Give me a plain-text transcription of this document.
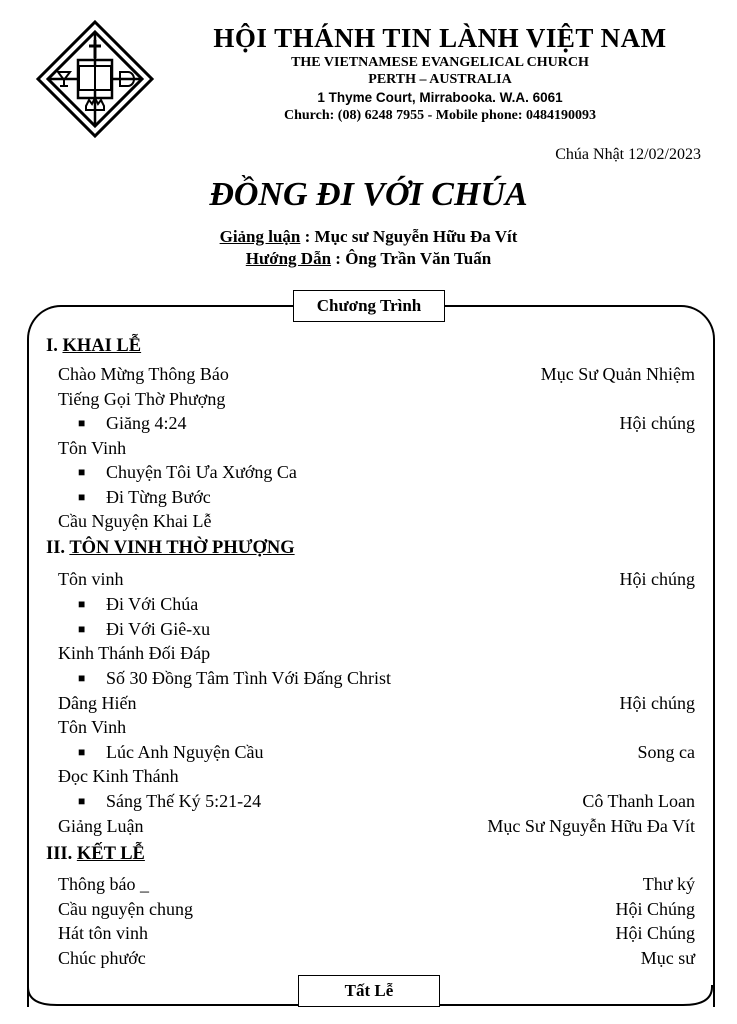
HỘI THÁNH TIN LÀNH VIỆT NAM
THE VIETNAMESE EVANGELICAL CHURCH
PERTH – AUSTRALIA
1 Thyme Court, Mirrabooka. W.A. 6061
Church: (08) 6248 7955 - Mobile phone: 0484190093
Chúa Nhật 12/02/2023
ĐỒNG ĐI VỚI CHÚA
Giảng luận : Mục sư Nguyễn Hữu Đa Vít
Hướng Dẫn : Ông Trần Văn Tuấn
Chương Trình
Tất Lễ
I. KHAI LỄ
Chào Mừng Thông Báo	Mục Sư Quản Nhiệm
Tiếng Gọi Thờ Phượng
■ Giăng 4:24	Hội chúng
Tôn Vinh
■ Chuyện Tôi Ưa Xướng Ca
■ Đi Từng Bước
Cầu Nguyện Khai Lễ
II. TÔN VINH THỜ PHƯỢNG
Tôn vinh	Hội chúng
■ Đi Với Chúa
■ Đi Với Giê-xu
Kinh Thánh Đối Đáp
■ Số 30 Đồng Tâm Tình Với Đấng Christ
Dâng Hiến	Hội chúng
Tôn Vinh
■ Lúc Anh Nguyện Cầu	Song ca
Đọc Kinh Thánh
■ Sáng Thế Ký 5:21-24	Cô Thanh Loan
Giảng Luận	Mục Sư Nguyễn Hữu Đa Vít
III. KẾT LỄ
Thông báo _	Thư ký
Cầu nguyện chung	Hội Chúng
Hát tôn vinh	Hội Chúng
Chúc phước	Mục sư
